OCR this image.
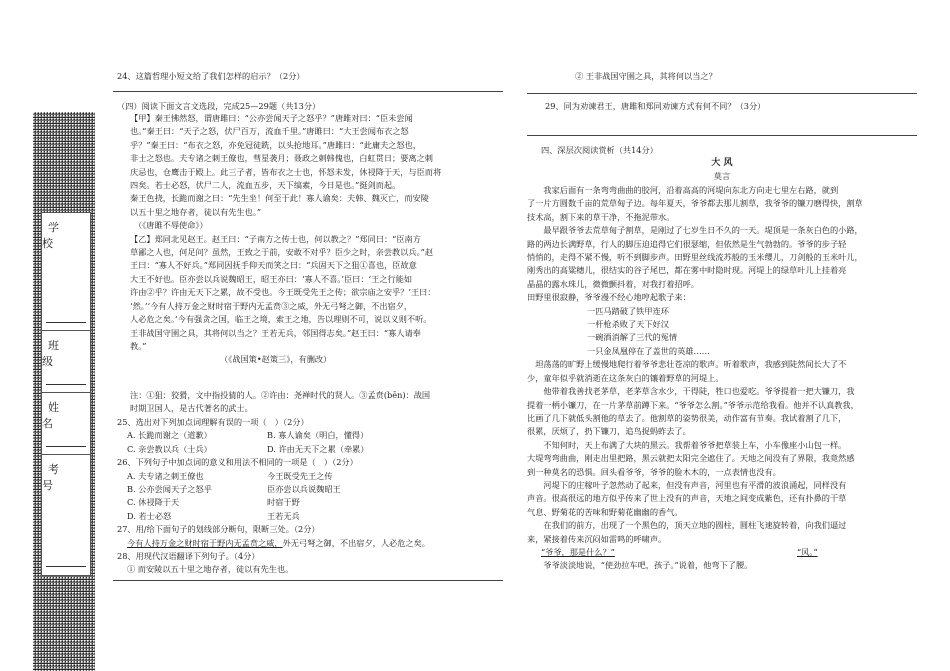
学 校
班 级
姓 名
考 号
24、这篇哲理小短文给了我们怎样的启示？（2分）
（四）阅读下面文言文选段，完成25—29题（共13分）
【甲】秦王怫然怒，谓唐雎曰：“公亦尝闻天子之怒乎？”唐雎对曰：“臣未尝闻
也。”秦王曰：“天子之怒，伏尸百万，流血千里。”唐雎曰：“大王尝闻布衣之怒
乎？”秦王曰：“布衣之怒，亦免冠徒跣，以头抢地耳。”唐雎曰：“此庸夫之怒也，
非士之怒也。夫专诸之刺王僚也，彗星袭月；聂政之刺韩傀也，白虹贯日；要离之刺
庆忌也，仓鹰击于殿上。此三子者，皆布衣之士也，怀怒未发，休祲降于天，与臣而将
四矣。若士必怒，伏尸二人，流血五步，天下缟素，今日是也。”挺剑而起。
秦王色挠，长跪而谢之曰：“先生坐！何至于此！寡人谕矣：夫韩、魏灭亡，而安陵
以五十里之地存者，徒以有先生也。”
（《唐雎不辱使命》）
【乙】郑同北见赵王。赵王曰：“子南方之传士也，何以教之？”郑同曰：“臣南方
草鄙之人也，何足问？虽然，王致之于前，安敢不对乎？臣少之时，亲尝教以兵。”赵
王曰：“寡人不好兵。”郑同因抚手仰天而笑之曰：“兵固天下之狙①喜也，臣故意
大王不好也。臣亦尝以兵说魏昭王，昭王亦曰：‘寡人不喜。’臣曰：‘王之行能如
许由②乎？许由无天下之累，故不受也。今王既受先王之传；欲宗庙之安乎？’王曰：
‘然。’‘今有人持万金之财时宿于野内无孟贲③之威，外无弓弩之御，不出宿夕，
人必危之矣。’今有强贪之国，临王之境，索王之地，告以理则不可，说以义则不听。
王非战国守圉之具，其将何以当之？王若无兵，邻国得志矣。”赵王曰：“寡人请奉
教。”
（《战国策•赵策三》，有删改）
注：①狙：狡猾，文中指投猜的人。②许由：尧禅时代的贤人。③孟贲(bēn)：战国
时期卫国人，是古代著名的武士。
25、选出对下列加点词理解有误的一项（　）（2分）
A. 长跪而谢之（道歉）	B. 寡人谕矣（明白，懂得）
C. 亲尝教以兵（士兵）	D. 许由无天下之累（牵累）
26、下列句子中加点词的意义和用法不相同的一项是（　）（2分）
A. 夫专诸之刺王僚也	今王既受先王之传
B. 公亦尝闻天子之怒乎	臣亦尝以兵说魏昭王
C. 休祲降于天	时宿于野
D. 若士必怒	王若无兵
27、用/给下面句子的划线部分断句，限断三处。（2分）
今有人持万金之财时宿于野内无孟贲之威，外无弓弩之御，不出宿夕，人必危之矣。
28、用现代汉语翻译下列句子。（4分）
① 而安陵以五十里之地存者，徒以有先生也。
② 王非战国守圉之具，其将何以当之？
29、同为劝谏君王，唐雎和郑同劝谏方式有何不同？（3分）
四、深层次阅读赏析（共14分）
大 风
莫言
　　我家后面有一条弯弯曲曲的胶河，沿着高高的河堤向东北方向走七里左右路，就到
了一片方圆数千亩的荒草甸子边。每年夏天，爷爷都去那儿割草，我爷爷的镰刀磨得快，割草
技术高，割下来的草干净，不拖泥带水。
　　最早跟爷爷去荒草甸子割草，是刚过了七岁生日不久的一天。堤顶是一条灰白色的小路，
路的两边长满野草，行人的脚压迫追得它们很瑟缩，但依然是生气勃勃的。爷爷的步子轻
悄悄的，走得不紧不慢，听不到脚步声。田野里丝线流苏般的玉米缨儿，刀剑般的玉米叶儿，
刚秀出的高粱穗儿，很结实的谷子尾巴，都在雾中时隐时现。河堤上的绿草叶儿上挂着亮
晶晶的露水珠儿，微微颤抖着，对我打着招呼。
田野里很寂静，爷爷漫不经心地哼起歌子来：
一匹马踏破了铁甲连环
一杆枪杀败了天下好汉
一碗酒消解了三代的冤情
一只金凤凰停在了盖世的英雄……
　坦荡荡的旷野上缓慢地爬行着爷爷悲壮苍凉的歌声。听着歌声，我感到陡然间长大了不
少，童年似乎就消逝在这条灰白的镶着野草的河堤上。
　　他带着我善找老茅草，老茅草含水少，干得陡，牲口也爱吃。爷爷提着一把大镰刀，我
提着一柄小镰刀，在一片茅草前蹲下来。“爷爷怎么割。”爷爷示范给我看。他并不认真教我，
比画了几下就低头割他的草去了。他割草的姿势很美，动作富有节奏。我试着割了几下，
很累，厌烦了，扔下镰刀，追鸟捉蚂蚱去了。
　　不知何时，天上布满了大块的黑云。我帮着爷爷把草装上车，小车像座小山包一样。
大堤弯弯曲曲，刚走出里把路，黑云就把太阳完全遮住了。天地之间没有了界限，我竟然感
到一种莫名的恐惧。回头看爷爷，爷爷的脸木木的，一点表情也没有。
　　河堤下的庄稼叶子忽然动了起来，但没有声音，河里也有平滑的波浪涌起，同样没有
声音。很高很远的地方似乎传来了世上没有的声音，天地之间变成紫色，还有扑鼻的干草
气息、野菊花的苦味和野菊花幽幽的香气。
　　在我们的前方，出现了一个黑色的，顶天立地的圆柱，圆柱飞速旋转着，向我们逼过
来，紧接着传来沉闷如雷鸣的呼啸声。
“爷爷，那是什么？”	“风。”
　　爷爷淡淡地说，“使劲拉车吧，孩子。”说着，他弯下了腰。
